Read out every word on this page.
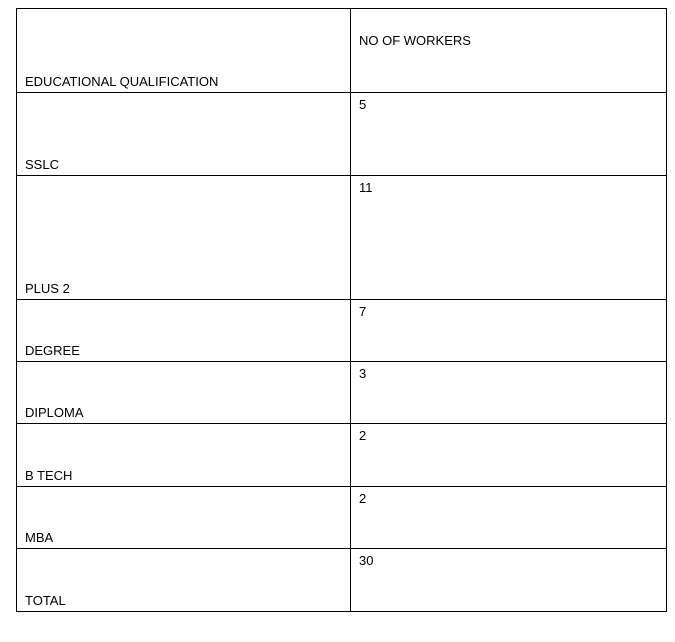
EDUCATIONAL QUALIFICATION	NO OF WORKERS
SSLC	5
PLUS 2	11
DEGREE	7
DIPLOMA	3
B TECH	2
MBA	2
TOTAL	30
